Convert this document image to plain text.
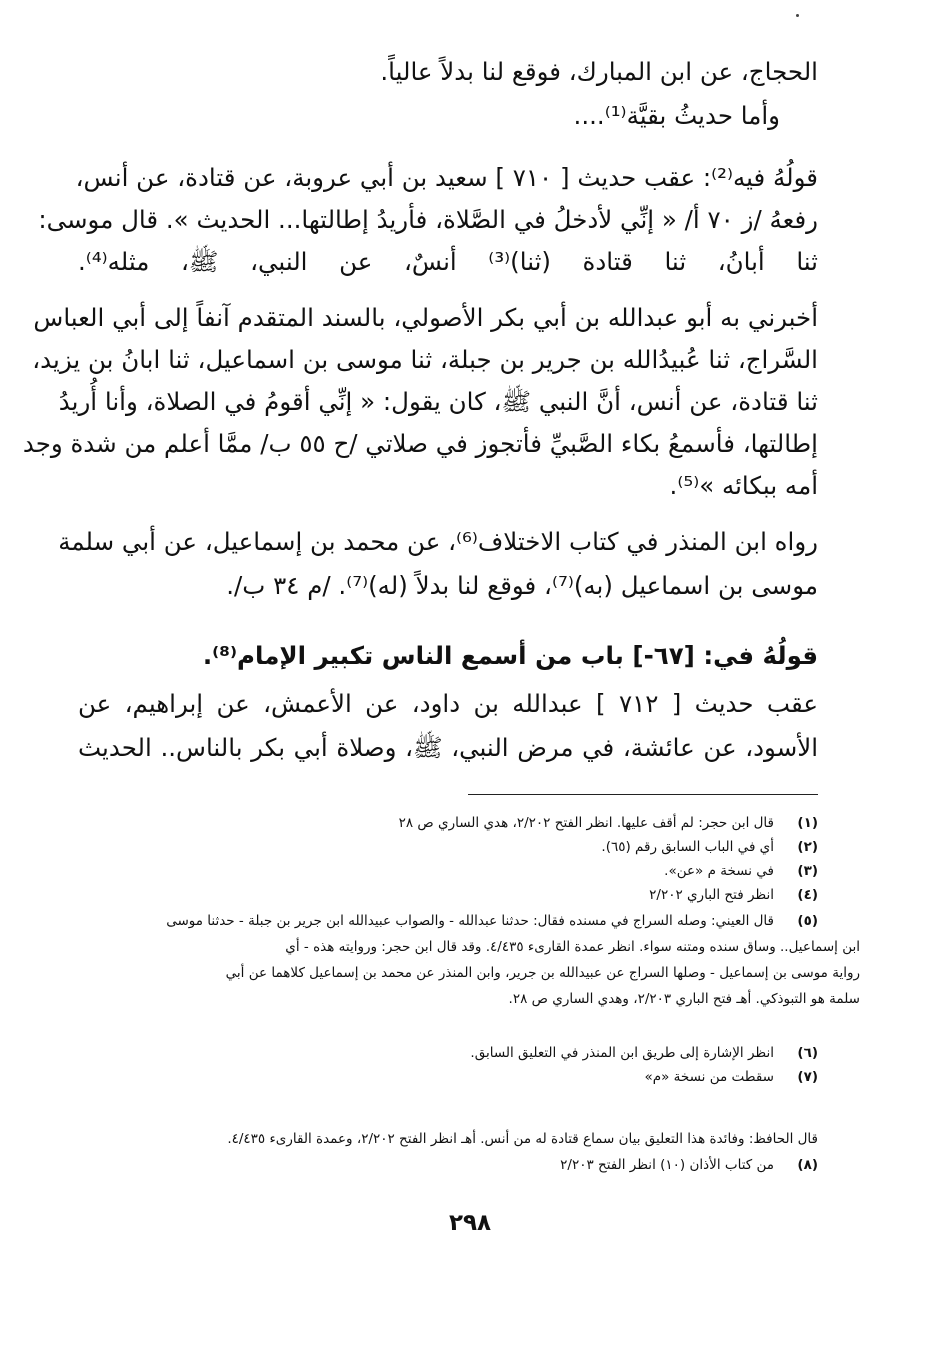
الحجاج، عن ابن المبارك، فوقع لنا بدلاً عالياً.
وأما حديثُ بقيَّة⁽¹⁾....
قولُهُ فيه⁽²⁾: عقب حديث [ ٧١٠ ] سعيد بن أبي عروبة، عن قتادة، عن أنس،
رفعهُ /ز ٧٠ أ/ « إنِّي لأدخلُ في الصَّلاة، فأريدُ إطالتها... الحديث ». قال موسى:
ثنا أبانُ، ثنا قتادة (ثنا)⁽³⁾ أنسٌ، عن النبي، ﷺ، مثله⁽⁴⁾.
أخبرني به أبو عبدالله بن أبي بكر الأصولي، بالسند المتقدم آنفاً إلى أبي العباس
السَّراج، ثنا عُبيدُالله بن جرير بن جبلة، ثنا موسى بن اسماعيل، ثنا ابانُ بن يزيد،
ثنا قتادة، عن أنس، أنَّ النبي ﷺ، كان يقول: « إنِّي أقومُ في الصلاة، وأنا أُريدُ
إطالتها، فأسمعُ بكاء الصَّبيِّ فأتجوز في صلاتي /ح ٥٥ ب/ ممَّا أعلم من شدة وجد
أمه ببكائه »⁽⁵⁾.
رواه ابن المنذر في كتاب الاختلاف⁽⁶⁾، عن محمد بن إسماعيل، عن أبي سلمة
موسى بن اسماعيل (به)⁽⁷⁾، فوقع لنا بدلاً (له)⁽⁷⁾. /م ٣٤ ب/.
قولُهُ في: [٦٧-] باب من أسمع الناس تكبير الإمام⁽⁸⁾.
عقب حديث [ ٧١٢ ] عبدالله بن داود، عن الأعمش، عن إبراهيم، عن
الأسود، عن عائشة، في مرض النبي، ﷺ، وصلاة أبي بكر بالناس.. الحديث
(١)قال ابن حجر: لم أقف عليها. انظر الفتح ٢/٢٠٢، هدي الساري ص ٢٨
(٢)أي في الباب السابق رقم (٦٥).
(٣)في نسخة م «عن».
(٤)انظر فتح الباري ٢/٢٠٢
(٥)قال العيني: وصله السراج في مسنده فقال: حدثنا عبدالله - والصواب عبيدالله ابن جرير بن جبلة - حدثنا موسى
ابن إسماعيل.. وساق سنده ومتنه سواء. انظر عمدة القارىء ٤/٤٣٥. وقد قال ابن حجر: وروايته هذه - أي
رواية موسى بن إسماعيل - وصلها السراج عن عبيدالله بن جرير، وابن المنذر عن محمد بن إسماعيل كلاهما عن أبي
سلمة هو التبوذكي. أهـ فتح الباري ٢/٢٠٣، وهدي الساري ص ٢٨.
(٦)انظر الإشارة إلى طريق ابن المنذر في التعليق السابق.
(٧)سقطت من نسخة «م»
قال الحافظ: وفائدة هذا التعليق بيان سماع قتادة له من أنس. أهـ انظر الفتح ٢/٢٠٢، وعمدة القارىء ٤/٤٣٥.
(٨)من كتاب الأذان (١٠) انظر الفتح ٢/٢٠٣
٢٩٨
